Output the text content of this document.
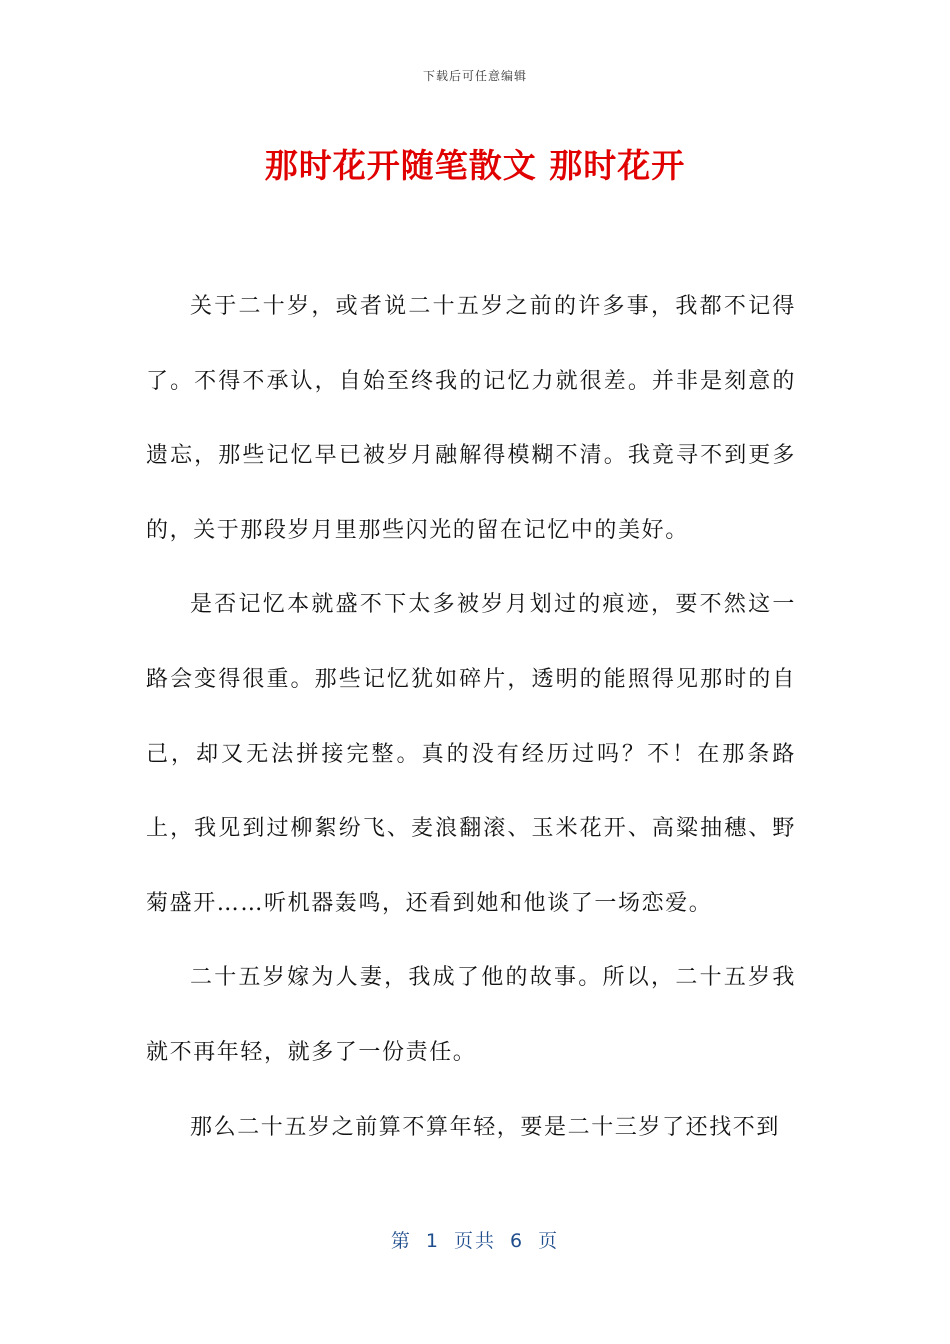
下载后可任意编辑
那时花开随笔散文 那时花开

关于二十岁，或者说二十五岁之前的许多事，我都不记得了。不得不承认，自始至终我的记忆力就很差。并非是刻意的遗忘，那些记忆早已被岁月融解得模糊不清。我竟寻不到更多的，关于那段岁月里那些闪光的留在记忆中的美好。

是否记忆本就盛不下太多被岁月划过的痕迹，要不然这一路会变得很重。那些记忆犹如碎片，透明的能照得见那时的自己，却又无法拼接完整。真的没有经历过吗？不！在那条路上，我见到过柳絮纷飞、麦浪翻滚、玉米花开、高粱抽穗、野菊盛开……听机器轰鸣，还看到她和他谈了一场恋爱。

二十五岁嫁为人妻，我成了他的故事。所以，二十五岁我就不再年轻，就多了一份责任。

那么二十五岁之前算不算年轻，要是二十三岁了还找不到

第 1 页共 6 页
